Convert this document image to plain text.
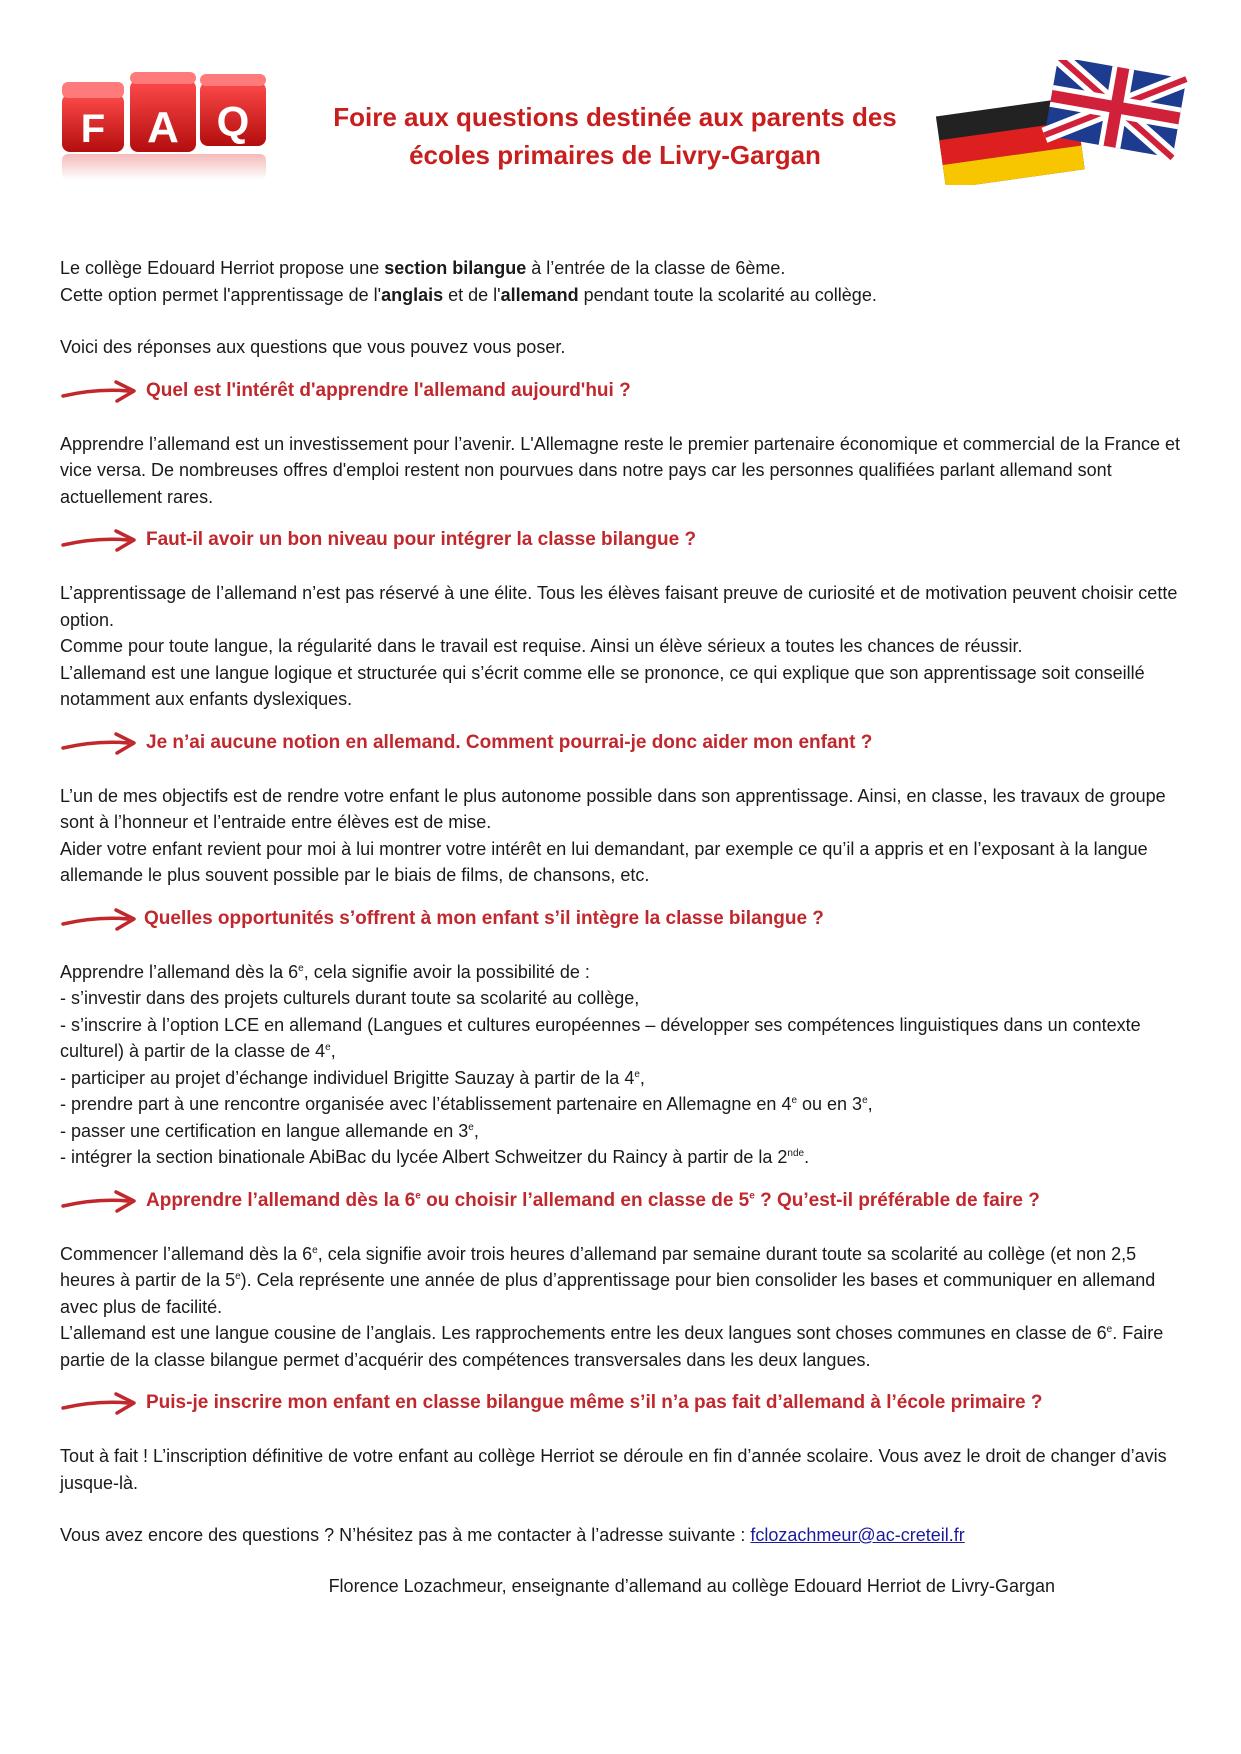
F A Q	Foire aux questions destinée aux parents des
écoles primaires de Livry-Gargan

Le collège Edouard Herriot propose une section bilangue à l’entrée de la classe de 6ème.

Cette option permet l'apprentissage de l'anglais et de l'allemand pendant toute la scolarité au collège.

Voici des réponses aux questions que vous pouvez vous poser.

Quel est l'intérêt d'apprendre l'allemand aujourd'hui ?

Apprendre l’allemand est un investissement pour l’avenir. L'Allemagne reste le premier partenaire économique et commercial de la France et vice versa. De nombreuses offres d'emploi restent non pourvues dans notre pays car les personnes qualifiées parlant allemand sont actuellement rares.

Faut-il avoir un bon niveau pour intégrer la classe bilangue ?

L’apprentissage de l’allemand n’est pas réservé à une élite. Tous les élèves faisant preuve de curiosité et de motivation peuvent choisir cette option.

Comme pour toute langue, la régularité dans le travail est requise. Ainsi un élève sérieux a toutes les chances de réussir.

L’allemand est une langue logique et structurée qui s’écrit comme elle se prononce, ce qui explique que son apprentissage soit conseillé notamment aux enfants dyslexiques.

Je n’ai aucune notion en allemand. Comment pourrai-je donc aider mon enfant ?

L’un de mes objectifs est de rendre votre enfant le plus autonome possible dans son apprentissage. Ainsi, en classe, les travaux de groupe sont à l’honneur et l’entraide entre élèves est de mise.

Aider votre enfant revient pour moi à lui montrer votre intérêt en lui demandant, par exemple ce qu’il a appris et en l’exposant à la langue allemande le plus souvent possible par le biais de films, de chansons, etc.

Quelles opportunités s’offrent à mon enfant s’il intègre la classe bilangue ?

Apprendre l’allemand dès la 6e, cela signifie avoir la possibilité de :

- s’investir dans des projets culturels durant toute sa scolarité au collège,

- s’inscrire à l’option LCE en allemand (Langues et cultures européennes – développer ses compétences linguistiques dans un contexte culturel) à partir de la classe de 4e,

- participer au projet d’échange individuel Brigitte Sauzay à partir de la 4e,

- prendre part à une rencontre organisée avec l’établissement partenaire en Allemagne en 4e ou en 3e,

- passer une certification en langue allemande en 3e,

- intégrer la section binationale AbiBac du lycée Albert Schweitzer du Raincy à partir de la 2nde.

Apprendre l’allemand dès la 6e ou choisir l’allemand en classe de 5e ? Qu’est-il préférable de faire ?

Commencer l’allemand dès la 6e, cela signifie avoir trois heures d’allemand par semaine durant toute sa scolarité au collège (et non 2,5 heures à partir de la 5e). Cela représente une année de plus d’apprentissage pour bien consolider les bases et communiquer en allemand avec plus de facilité.

L’allemand est une langue cousine de l’anglais. Les rapprochements entre les deux langues sont choses communes en classe de 6e. Faire partie de la classe bilangue permet d’acquérir des compétences transversales dans les deux langues.

Puis-je inscrire mon enfant en classe bilangue même s’il n’a pas fait d’allemand à l’école primaire ?

Tout à fait ! L’inscription définitive de votre enfant au collège Herriot se déroule en fin d’année scolaire. Vous avez le droit de changer d’avis jusque-là.

Vous avez encore des questions ? N’hésitez pas à me contacter à l’adresse suivante : fclozachmeur@ac-creteil.fr

Florence Lozachmeur, enseignante d’allemand au collège Edouard Herriot de Livry-Gargan
